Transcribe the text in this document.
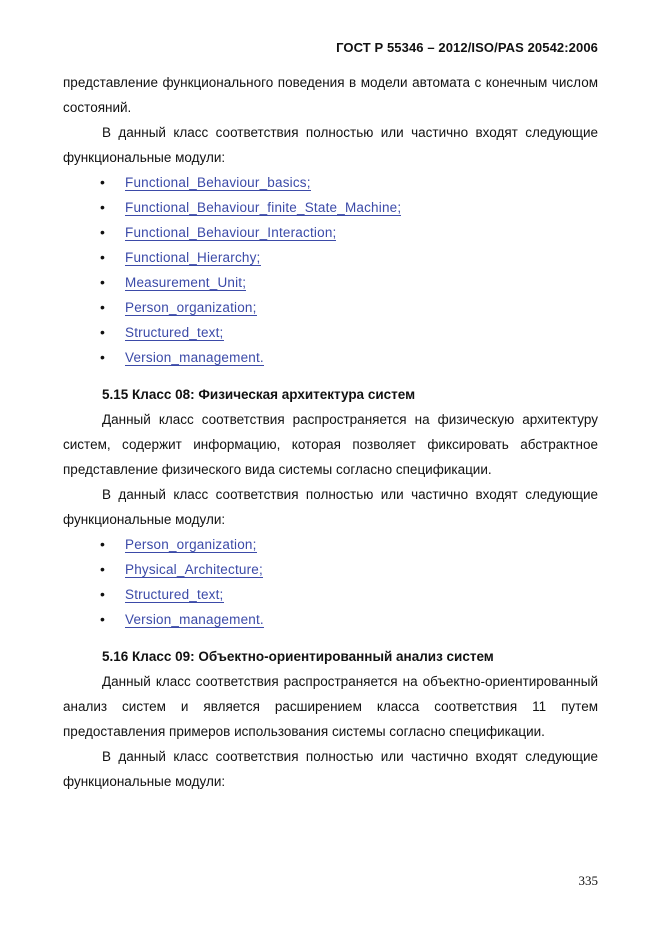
ГОСТ Р 55346 – 2012/ISO/PAS 20542:2006

представление функционального поведения в модели автомата с конечным числом состояний.

В данный класс соответствия полностью или частично входят следующие функциональные модули:

• Functional_Behaviour_basics;
• Functional_Behaviour_finite_State_Machine;
• Functional_Behaviour_Interaction;
• Functional_Hierarchy;
• Measurement_Unit;
• Person_organization;
• Structured_text;
• Version_management.
5.15 Класс 08: Физическая архитектура систем

Данный класс соответствия распространяется на физическую архитектуру систем, содержит информацию, которая позволяет фиксировать абстрактное представление физического вида системы согласно спецификации.

В данный класс соответствия полностью или частично входят следующие функциональные модули:

• Person_organization;
• Physical_Architecture;
• Structured_text;
• Version_management.
5.16 Класс 09: Объектно-ориентированный анализ систем

Данный класс соответствия распространяется на объектно-ориентированный анализ систем и является расширением класса соответствия 11 путем предоставления примеров использования системы согласно спецификации.

В данный класс соответствия полностью или частично входят следующие функциональные модули:

335
